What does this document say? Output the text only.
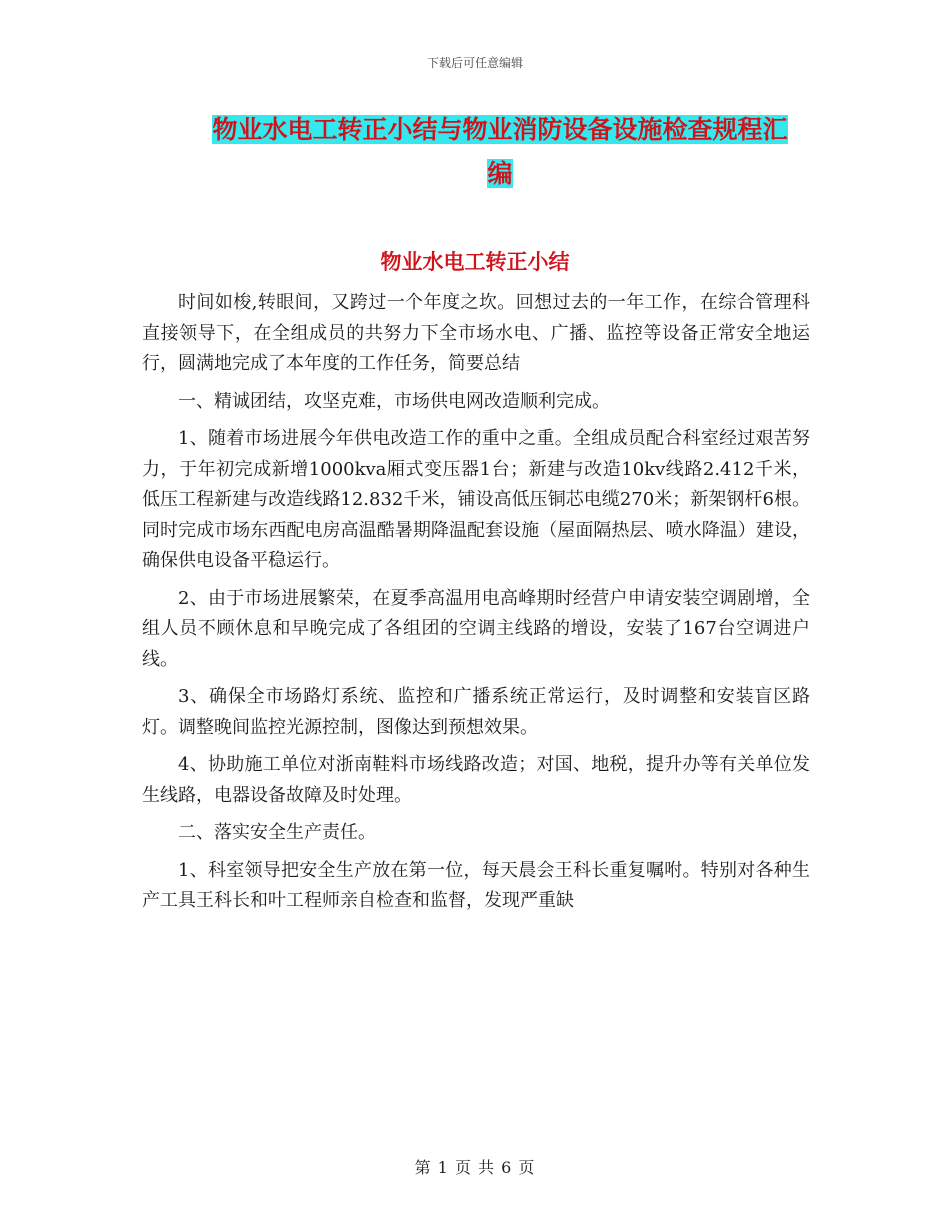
下载后可任意编辑
物业水电工转正小结与物业消防设备设施检查规程汇
编
物业水电工转正小结

时间如梭,转眼间，又跨过一个年度之坎。回想过去的一年工作，在综合管理科直接领导下，在全组成员的共努力下全市场水电、广播、监控等设备正常安全地运行，圆满地完成了本年度的工作任务，简要总结

一、精诚团结，攻坚克难，市场供电网改造顺利完成。

1、随着市场进展今年供电改造工作的重中之重。全组成员配合科室经过艰苦努力，于年初完成新增1000kva厢式变压器1台；新建与改造10kv线路2.412千米，低压工程新建与改造线路12.832千米，铺设高低压铜芯电缆270米；新架钢杆6根。同时完成市场东西配电房高温酷暑期降温配套设施（屋面隔热层、喷水降温）建设，确保供电设备平稳运行。

2、由于市场进展繁荣，在夏季高温用电高峰期时经营户申请安装空调剧增，全组人员不顾休息和早晚完成了各组团的空调主线路的增设，安装了167台空调进户线。

3、确保全市场路灯系统、监控和广播系统正常运行，及时调整和安装盲区路灯。调整晚间监控光源控制，图像达到预想效果。

4、协助施工单位对浙南鞋料市场线路改造；对国、地税，提升办等有关单位发生线路，电器设备故障及时处理。

二、落实安全生产责任。

1、科室领导把安全生产放在第一位，每天晨会王科长重复嘱咐。特别对各种生产工具王科长和叶工程师亲自检查和监督，发现严重缺

第 1 页 共 6 页
